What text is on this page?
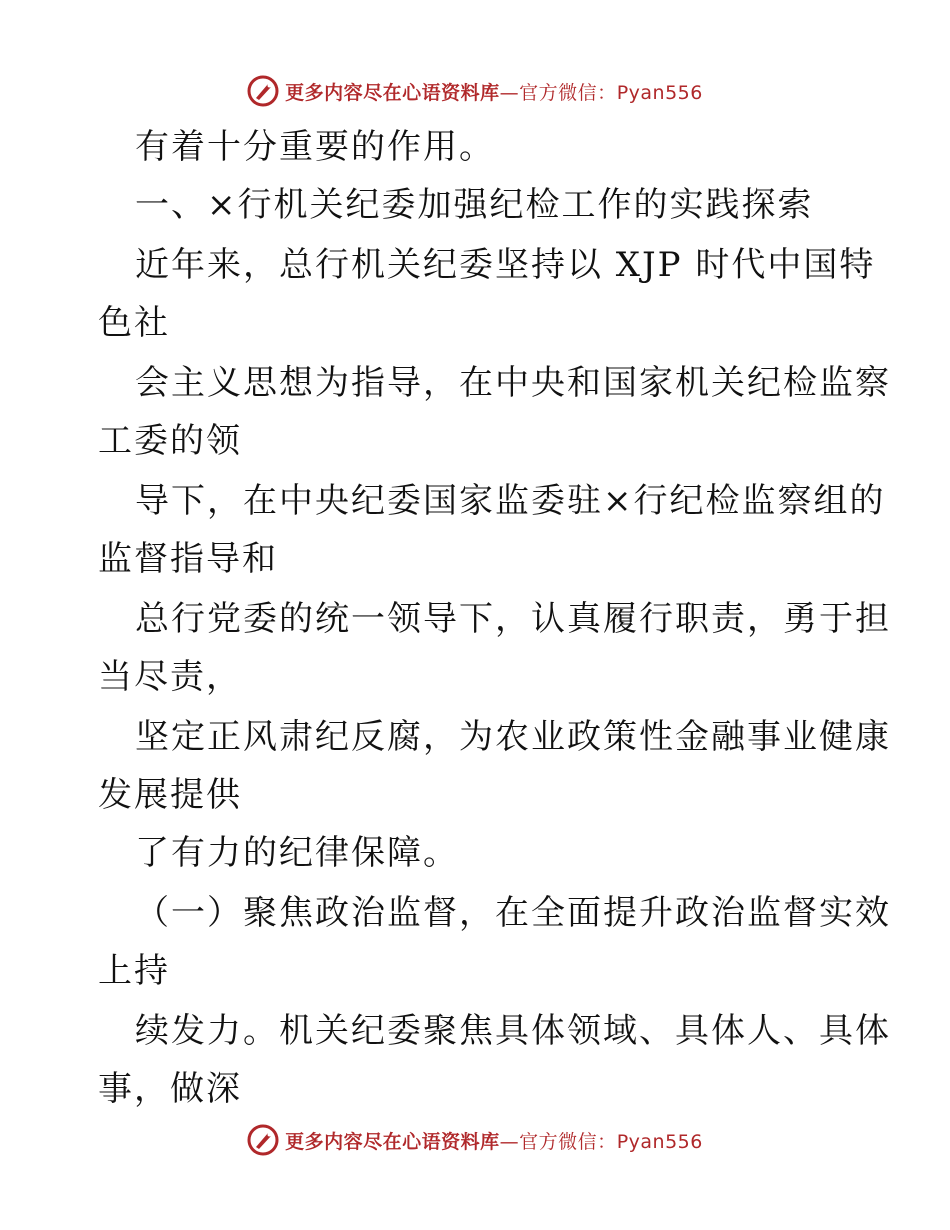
更多内容尽在心语资料库—官方微信：Pyan556
有着十分重要的作用。
一、×行机关纪委加强纪检工作的实践探索
近年来，总行机关纪委坚持以 XJP 时代中国特
色社
会主义思想为指导，在中央和国家机关纪检监察
工委的领
导下，在中央纪委国家监委驻×行纪检监察组的
监督指导和
总行党委的统一领导下，认真履行职责，勇于担
当尽责，
坚定正风肃纪反腐，为农业政策性金融事业健康
发展提供
了有力的纪律保障。
（一）聚焦政治监督，在全面提升政治监督实效
上持
续发力。机关纪委聚焦具体领域、具体人、具体
事，做深
更多内容尽在心语资料库—官方微信：Pyan556
